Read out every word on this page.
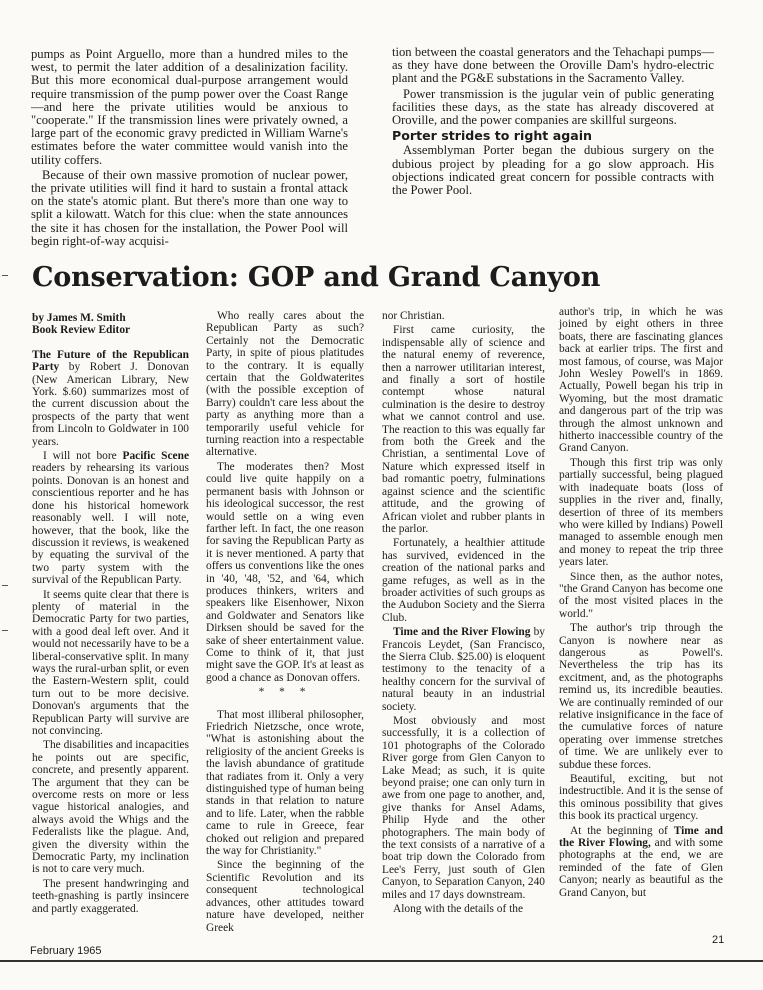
pumps as Point Arguello, more than a hundred miles to the west, to permit the later addition of a desalinization facility. But this more economical dual-purpose arrangement would require transmission of the pump power over the Coast Range—and here the private utilities would be anxious to "cooperate." If the transmission lines were privately owned, a large part of the economic gravy predicted in William Warne's estimates before the water committee would vanish into the utility coffers.

Because of their own massive promotion of nuclear power, the private utilities will find it hard to sustain a frontal attack on the state's atomic plant. But there's more than one way to split a kilowatt. Watch for this clue: when the state announces the site it has chosen for the installation, the Power Pool will begin right-of-way acquisi-

tion between the coastal generators and the Tehachapi pumps—as they have done between the Oroville Dam's hydro-electric plant and the PG&E substations in the Sacramento Valley.

Power transmission is the jugular vein of public generating facilities these days, as the state has already discovered at Oroville, and the power companies are skillful surgeons.

Porter strides to right again

Assemblyman Porter began the dubious surgery on the dubious project by pleading for a go slow approach. His objections indicated great concern for possible contracts with the Power Pool.

Conservation: GOP and Grand Canyon

by James M. Smith
Book Review Editor

The Future of the Republican Party by Robert J. Donovan (New American Library, New York. $.60) summarizes most of the current discussion about the prospects of the party that went from Lincoln to Goldwater in 100 years.

I will not bore Pacific Scene readers by rehearsing its various points. Donovan is an honest and conscientious reporter and he has done his historical homework reasonably well. I will note, however, that the book, like the discussion it reviews, is weakened by equating the survival of the two party system with the survival of the Republican Party.

It seems quite clear that there is plenty of material in the Democratic Party for two parties, with a good deal left over. And it would not necessarily have to be a liberal-conservative split. In many ways the rural-urban split, or even the Eastern-Western split, could turn out to be more decisive. Donovan's arguments that the Republican Party will survive are not convincing.

The disabilities and incapacities he points out are specific, concrete, and presently apparent. The argument that they can be overcome rests on more or less vague historical analogies, and always avoid the Whigs and the Federalists like the plague. And, given the diversity within the Democratic Party, my inclination is not to care very much.

The present handwringing and teeth-gnashing is partly insincere and partly exaggerated.

Who really cares about the Republican Party as such? Certainly not the Democratic Party, in spite of pious platitudes to the contrary. It is equally certain that the Goldwaterites (with the possible exception of Barry) couldn't care less about the party as anything more than a temporarily useful vehicle for turning reaction into a respectable alternative.

The moderates then? Most could live quite happily on a permanent basis with Johnson or his ideological successor, the rest would settle on a wing even farther left. In fact, the one reason for saving the Republican Party as it is never mentioned. A party that offers us conventions like the ones in '40, '48, '52, and '64, which produces thinkers, writers and speakers like Eisenhower, Nixon and Goldwater and Senators like Dirksen should be saved for the sake of sheer entertainment value. Come to think of it, that just might save the GOP. It's at least as good a chance as Donovan offers.

* * *

That most illiberal philosopher, Friedrich Nietzsche, once wrote, "What is astonishing about the religiosity of the ancient Greeks is the lavish abundance of gratitude that radiates from it. Only a very distinguished type of human being stands in that relation to nature and to life. Later, when the rabble came to rule in Greece, fear choked out religion and prepared the way for Christianity."

Since the beginning of the Scientific Revolution and its consequent technological advances, other attitudes toward nature have developed, neither Greek

nor Christian.

First came curiosity, the indispensable ally of science and the natural enemy of reverence, then a narrower utilitarian interest, and finally a sort of hostile contempt whose natural culmination is the desire to destroy what we cannot control and use. The reaction to this was equally far from both the Greek and the Christian, a sentimental Love of Nature which expressed itself in bad romantic poetry, fulminations against science and the scientific attitude, and the growing of African violet and rubber plants in the parlor.

Fortunately, a healthier attitude has survived, evidenced in the creation of the national parks and game refuges, as well as in the broader activities of such groups as the Audubon Society and the Sierra Club.

Time and the River Flowing by Francois Leydet, (San Francisco, the Sierra Club. $25.00) is eloquent testimony to the tenacity of a healthy concern for the survival of natural beauty in an industrial society.

Most obviously and most successfully, it is a collection of 101 photographs of the Colorado River gorge from Glen Canyon to Lake Mead; as such, it is quite beyond praise; one can only turn in awe from one page to another, and, give thanks for Ansel Adams, Philip Hyde and the other photographers. The main body of the text consists of a narrative of a boat trip down the Colorado from Lee's Ferry, just south of Glen Canyon, to Separation Canyon, 240 miles and 17 days downstream.

Along with the details of the

author's trip, in which he was joined by eight others in three boats, there are fascinating glances back at earlier trips. The first and most famous, of course, was Major John Wesley Powell's in 1869. Actually, Powell began his trip in Wyoming, but the most dramatic and dangerous part of the trip was through the almost unknown and hitherto inaccessible country of the Grand Canyon.

Though this first trip was only partially successful, being plagued with inadequate boats (loss of supplies in the river and, finally, desertion of three of its members who were killed by Indians) Powell managed to assemble enough men and money to repeat the trip three years later.

Since then, as the author notes, "the Grand Canyon has become one of the most visited places in the world."

The author's trip through the Canyon is nowhere near as dangerous as Powell's. Nevertheless the trip has its excitment, and, as the photographs remind us, its incredible beauties. We are continually reminded of our relative insignificance in the face of the cumulative forces of nature operating over immense stretches of time. We are unlikely ever to subdue these forces.

Beautiful, exciting, but not indestructible. And it is the sense of this ominous possibility that gives this book its practical urgency.

At the beginning of Time and the River Flowing, and with some photographs at the end, we are reminded of the fate of Glen Canyon; nearly as beautiful as the Grand Canyon, but

February 1965
21
